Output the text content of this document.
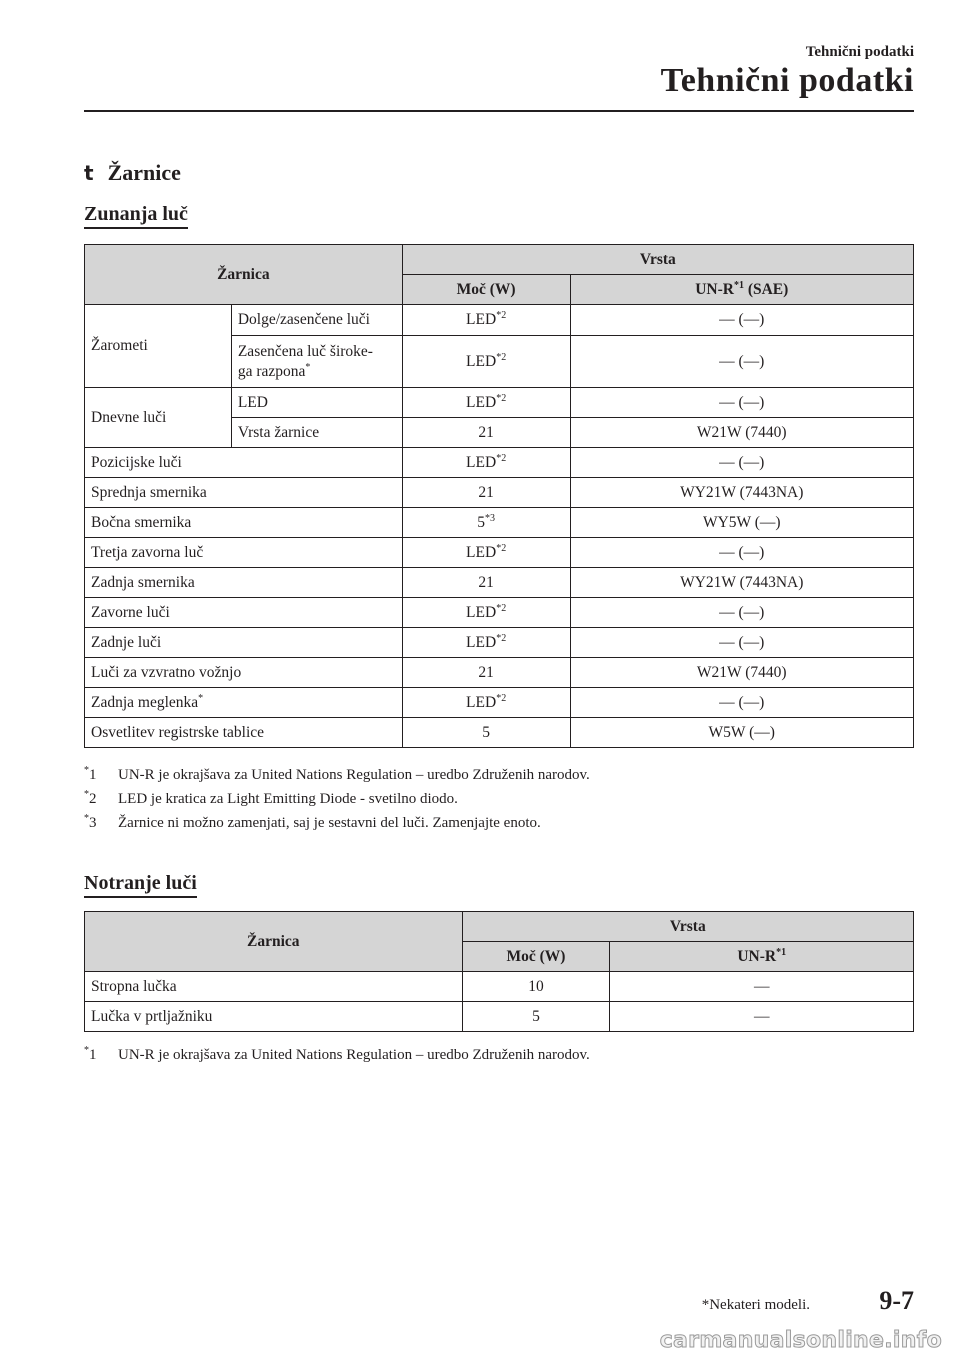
Tehnični podatki
Tehnični podatki
t Žarnice
Zunanja luč
Žarnica		Vrsta	
		Moč (W)	$UN-R^{*1}$ (SAE)
Žarometi	Dolge/zasenčene luči	LED$^{*2}$	— (—)
	Zasenčena luč široke-
ga razpona*	LED$^{*2}$	— (—)
Dnevne luči	LED	LED$^{*2}$	— (—)
	Vrsta žarnice	21	W21W (7440)
Pozicijske luči		LED$^{*2}$	— (—)
Sprednja smernika		21	WY21W (7443NA)
Bočna smernika		5$^{*3}$	WY5W (—)
Tretja zavorna luč		LED$^{*2}$	— (—)
Zadnja smernika		21	WY21W (7443NA)
Zavorne luči		LED$^{*2}$	— (—)
Zadnje luči		LED$^{*2}$	— (—)
Luči za vzvratno vožnjo		21	W21W (7440)
Zadnja meglenka*		LED$^{*2}$	— (—)
Osvetlitev registrske tablice		5	W5W (—)
*1	UN-R je okrajšava za United Nations Regulation – uredbo Združenih narodov.
*2	LED je kratica za Light Emitting Diode - svetilno diodo.
*3	Žarnice ni možno zamenjati, saj je sestavni del luči. Zamenjajte enoto.
Notranje luči
Žarnica	Vrsta	
	Moč (W)	$UN-R^{*1}$
Stropna lučka	10	—
Lučka v prtljažniku	5	—
*1	UN-R je okrajšava za United Nations Regulation – uredbo Združenih narodov.
*Nekateri modeli.	9-7
carmanualsonline.info
